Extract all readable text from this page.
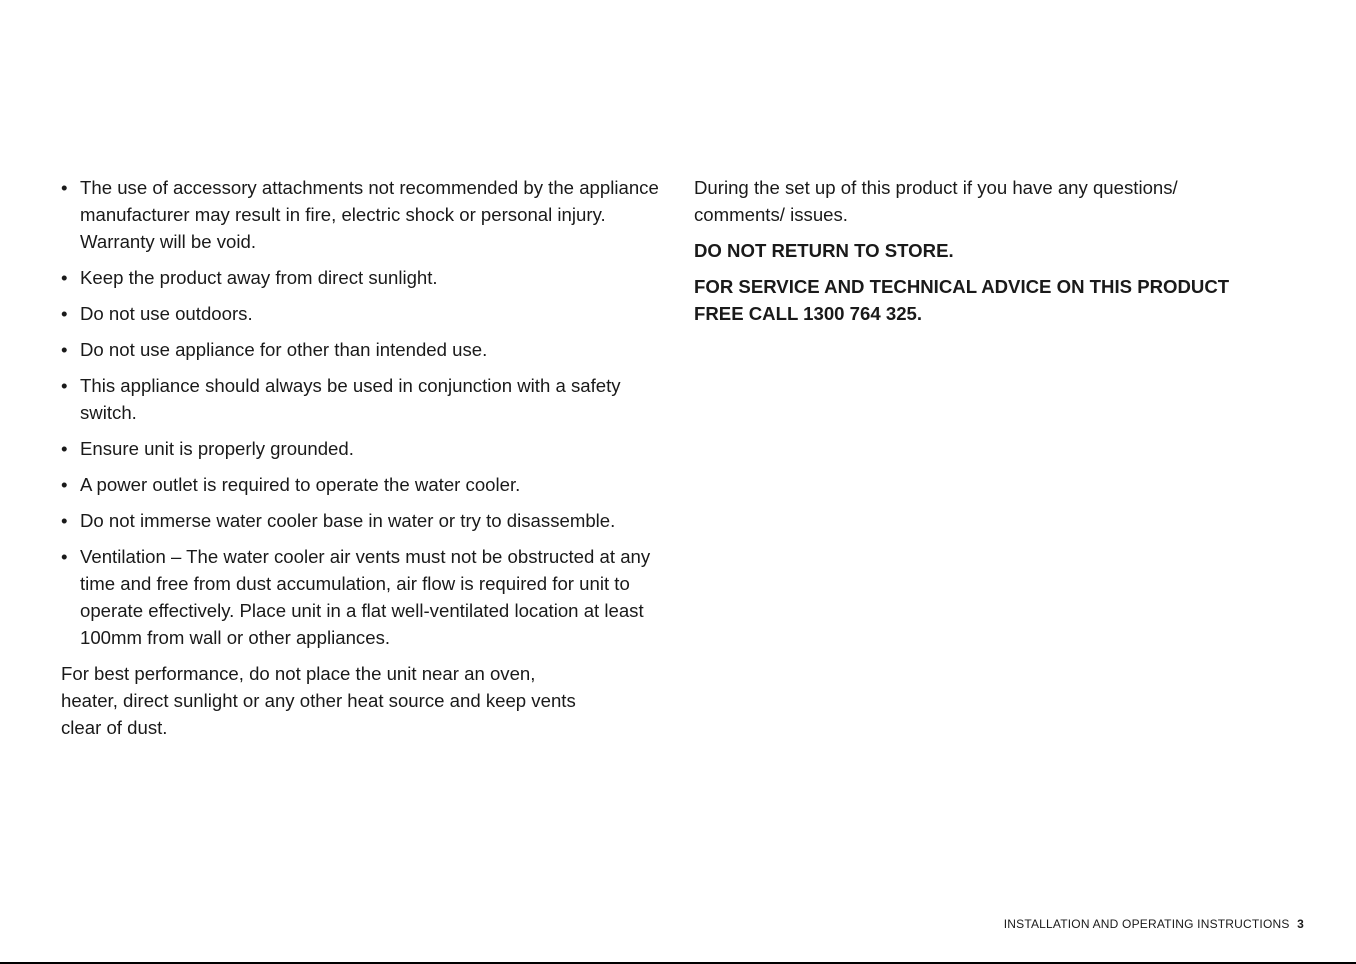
• The use of accessory attachments not recommended by the appliance manufacturer may result in fire, electric shock or personal injury. Warranty will be void.
• Keep the product away from direct sunlight.
• Do not use outdoors.
• Do not use appliance for other than intended use.
• This appliance should always be used in conjunction with a safety switch.
• Ensure unit is properly grounded.
• A power outlet is required to operate the water cooler.
• Do not immerse water cooler base in water or try to disassemble.
• Ventilation – The water cooler air vents must not be obstructed at any time and free from dust accumulation, air flow is required for unit to operate effectively. Place unit in a flat well-ventilated location at least 100mm from wall or other appliances.

For best performance, do not place the unit near an oven, heater, direct sunlight or any other heat source and keep vents clear of dust.

During the set up of this product if you have any questions/ comments/ issues.

DO NOT RETURN TO STORE.

FOR SERVICE AND TECHNICAL ADVICE ON THIS PRODUCT FREE CALL 1300 764 325.

INSTALLATION AND OPERATING INSTRUCTIONS 3
